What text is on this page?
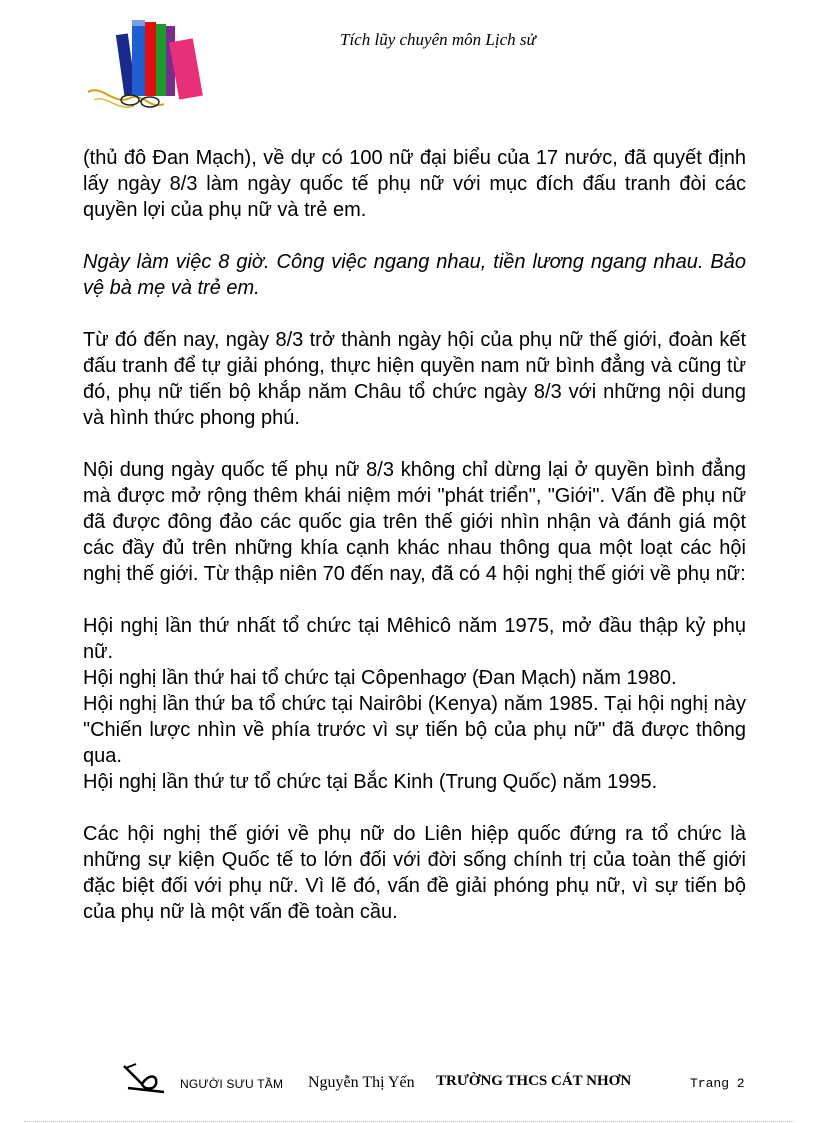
Tích lũy chuyên môn Lịch sử

(thủ đô Đan Mạch), về dự có 100 nữ đại biểu của 17 nước, đã quyết định lấy ngày 8/3 làm ngày quốc tế phụ nữ với mục đích đấu tranh đòi các quyền lợi của phụ nữ và trẻ em.

Ngày làm việc 8 giờ. Công việc ngang nhau, tiền lương ngang nhau. Bảo vệ bà mẹ và trẻ em.

Từ đó đến nay, ngày 8/3 trở thành ngày hội của phụ nữ thế giới, đoàn kết đấu tranh để tự giải phóng, thực hiện quyền nam nữ bình đẳng và cũng từ đó, phụ nữ tiến bộ khắp năm Châu tổ chức ngày 8/3 với những nội dung và hình thức phong phú.

Nội dung ngày quốc tế phụ nữ 8/3 không chỉ dừng lại ở quyền bình đẳng mà được mở rộng thêm khái niệm mới "phát triển", "Giới". Vấn đề phụ nữ đã được đông đảo các quốc gia trên thế giới nhìn nhận và đánh giá một các đầy đủ trên những khía cạnh khác nhau thông qua một loạt các hội nghị thế giới. Từ thập niên 70 đến nay, đã có 4 hội nghị thế giới về phụ nữ:

Hội nghị lần thứ nhất tổ chức tại Mêhicô năm 1975, mở đầu thập kỷ phụ nữ.

Hội nghị lần thứ hai tổ chức tại Côpenhagơ (Đan Mạch) năm 1980.

Hội nghị lần thứ ba tổ chức tại Nairôbi (Kenya) năm 1985. Tại hội nghị này "Chiến lược nhìn về phía trước vì sự tiến bộ của phụ nữ" đã được thông qua.

Hội nghị lần thứ tư tổ chức tại Bắc Kinh (Trung Quốc) năm 1995.

Các hội nghị thế giới về phụ nữ do Liên hiệp quốc đứng ra tổ chức là những sự kiện Quốc tế to lớn đối với đời sống chính trị của toàn thế giới đặc biệt đối với phụ nữ. Vì lẽ đó, vấn đề giải phóng phụ nữ, vì sự tiến bộ của phụ nữ là một vấn đề toàn cầu.

NGƯỜI SƯU TẦM Nguyễn Thị Yến TRƯỜNG THCS CÁT NHƠN	Trang 2
